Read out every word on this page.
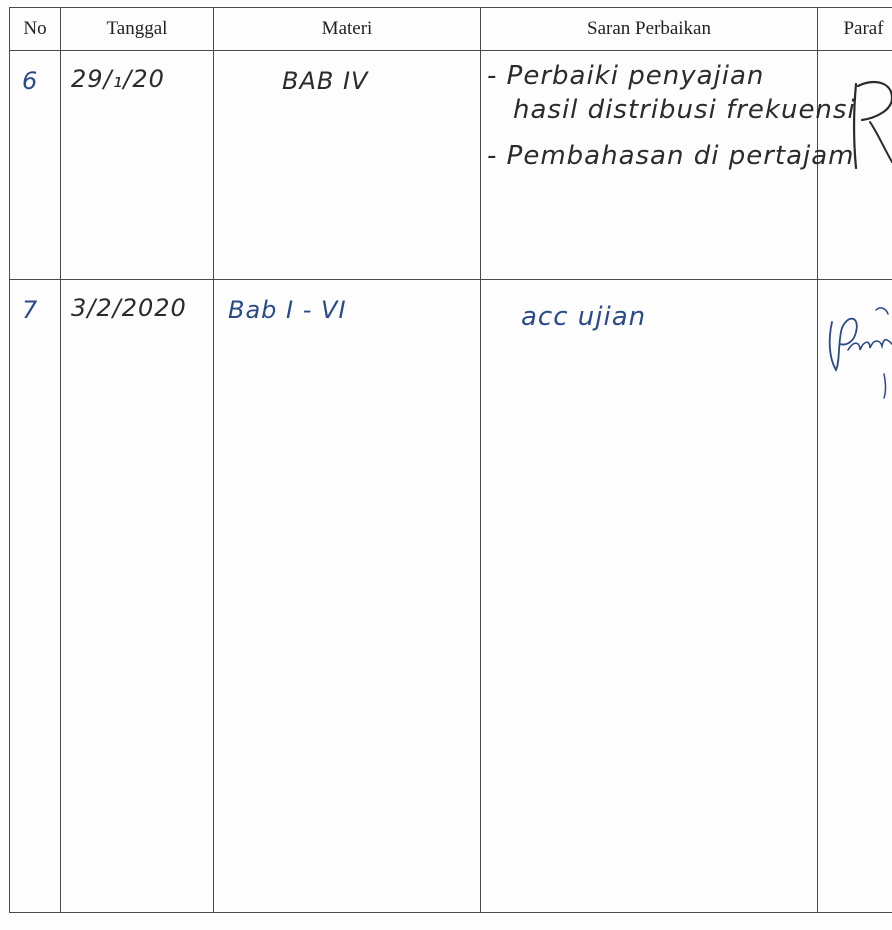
No	Tanggal	Materi	Saran Perbaikan	Paraf
6	29/₁/20	BAB IV	- Perbaiki penyajian
hasil distribusi frekuensi
- Pembahasan di pertajam	
7	3/2/2020	Bab I - VI	acc ujian	
